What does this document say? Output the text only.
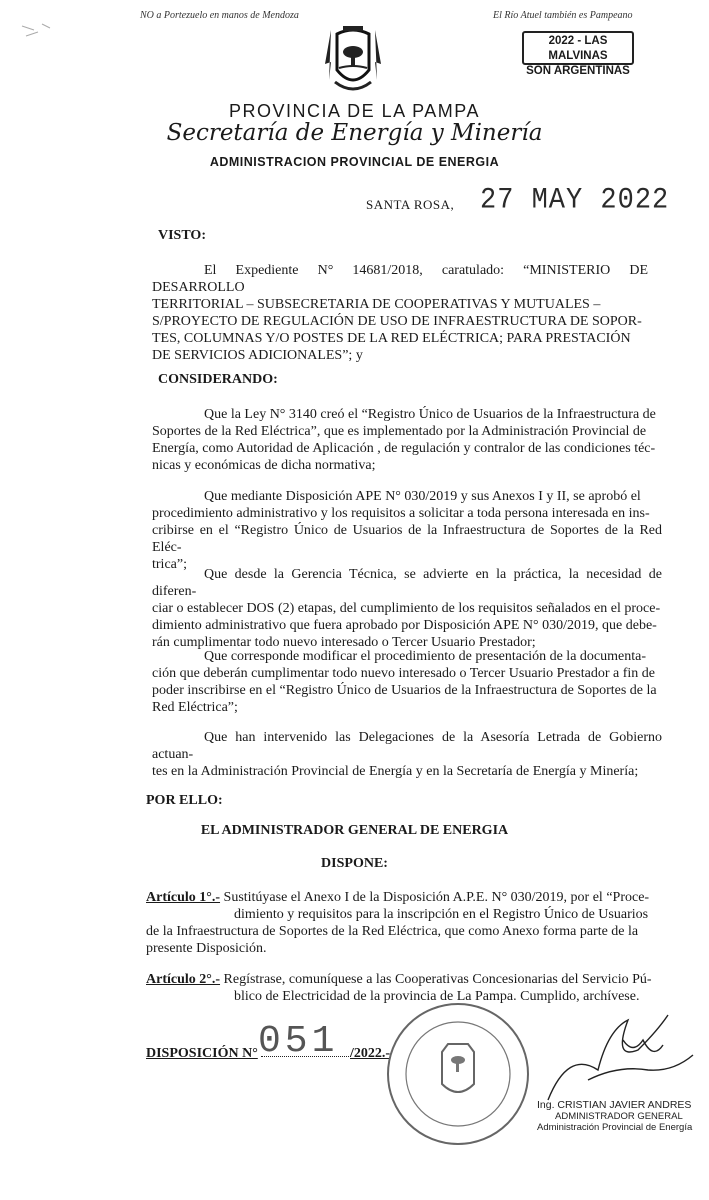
NO a Portezuelo en manos de Mendoza	El Río Atuel también es Pampeano
2022 - LAS MALVINAS
SON ARGENTINAS
PROVINCIA DE LA PAMPA
Secretaría de Energía y Minería
ADMINISTRACION PROVINCIAL DE ENERGIA
SANTA ROSA, 27 MAY 2022
VISTO:
El Expediente N° 14681/2018, caratulado: “MINISTERIO DE DESARROLLO
TERRITORIAL – SUBSECRETARIA DE COOPERATIVAS Y MUTUALES –
S/PROYECTO DE REGULACIÓN DE USO DE INFRAESTRUCTURA DE SOPOR-
TES, COLUMNAS Y/O POSTES DE LA RED ELÉCTRICA; PARA PRESTACIÓN
DE SERVICIOS ADICIONALES”; y
CONSIDERANDO:
Que la Ley N° 3140 creó el “Registro Único de Usuarios de la Infraestructura de
Soportes de la Red Eléctrica”, que es implementado por la Administración Provincial de
Energía, como Autoridad de Aplicación , de regulación y contralor de las condiciones téc-
nicas y económicas de dicha normativa;
Que mediante Disposición APE N° 030/2019 y sus Anexos I y II, se aprobó el
procedimiento administrativo y los requisitos a solicitar a toda persona interesada en ins-
cribirse en el “Registro Único de Usuarios de la Infraestructura de Soportes de la Red Eléc-
trica”;
Que desde la Gerencia Técnica, se advierte en la práctica, la necesidad de diferen-
ciar o establecer DOS (2) etapas, del cumplimiento de los requisitos señalados en el proce-
dimiento administrativo que fuera aprobado por Disposición APE N° 030/2019, que debe-
rán cumplimentar todo nuevo interesado o Tercer Usuario Prestador;
Que corresponde modificar el procedimiento de presentación de la documenta-
ción que deberán cumplimentar todo nuevo interesado o Tercer Usuario Prestador a fin de
poder inscribirse en el “Registro Único de Usuarios de la Infraestructura de Soportes de la
Red Eléctrica”;
Que han intervenido las Delegaciones de la Asesoría Letrada de Gobierno actuan-
tes en la Administración Provincial de Energía y en la Secretaría de Energía y Minería;
POR ELLO:
EL ADMINISTRADOR GENERAL DE ENERGIA
DISPONE:
Artículo 1°.- Sustitúyase el Anexo I de la Disposición A.P.E. N° 030/2019, por el “Proce-
dimiento y requisitos para la inscripción en el Registro Único de Usuarios
de la Infraestructura de Soportes de la Red Eléctrica, que como Anexo forma parte de la
presente Disposición.
Artículo 2°.- Regístrase, comuníquese a las Cooperativas Concesionarias del Servicio Pú-
blico de Electricidad de la provincia de La Pampa. Cumplido, archívese.
DISPOSICIÓN N° 051 /2022.-
Ing. CRISTIAN JAVIER ANDRES
ADMINISTRADOR GENERAL
Administración Provincial de Energía
